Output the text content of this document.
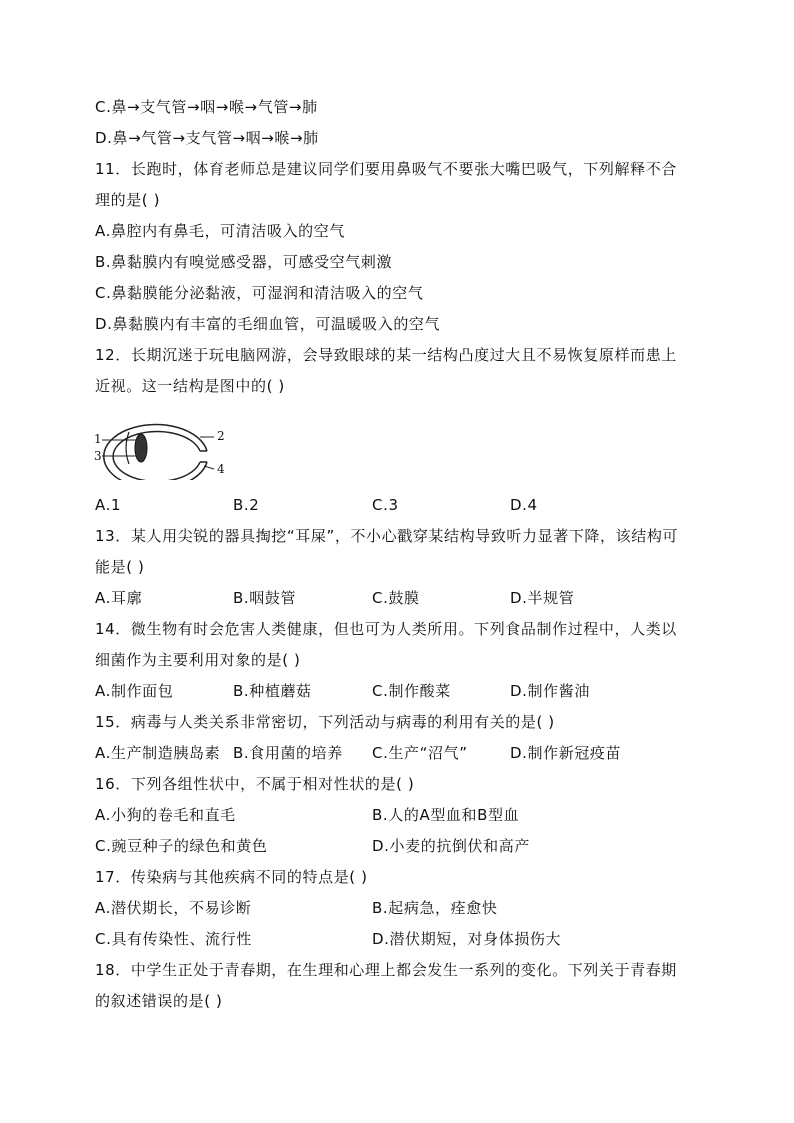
C.鼻→支气管→咽→喉→气管→肺
D.鼻→气管→支气管→咽→喉→肺
11．长跑时，体育老师总是建议同学们要用鼻吸气不要张大嘴巴吸气，下列解释不合
理的是( )
A.鼻腔内有鼻毛，可清洁吸入的空气
B.鼻黏膜内有嗅觉感受器，可感受空气刺激
C.鼻黏膜能分泌黏液，可湿润和清洁吸入的空气
D.鼻黏膜内有丰富的毛细血管，可温暖吸入的空气
12．长期沉迷于玩电脑网游，会导致眼球的某一结构凸度过大且不易恢复原样而患上
近视。这一结构是图中的( )
1	2
3
4
A.1	B.2	C.3	D.4
13．某人用尖锐的器具掏挖“耳屎”，不小心戳穿某结构导致听力显著下降，该结构可
能是( )
A.耳廓	B.咽鼓管	C.鼓膜	D.半规管
14．微生物有时会危害人类健康，但也可为人类所用。下列食品制作过程中，人类以
细菌作为主要利用对象的是( )
A.制作面包	B.种植蘑菇	C.制作酸菜	D.制作酱油
15．病毒与人类关系非常密切，下列活动与病毒的利用有关的是( )
A.生产制造胰岛素 B.食用菌的培养 C.生产“沼气”	D.制作新冠疫苗
16．下列各组性状中，不属于相对性状的是( )
A.小狗的卷毛和直毛	B.人的A型血和B型血
C.豌豆种子的绿色和黄色	D.小麦的抗倒伏和高产
17．传染病与其他疾病不同的特点是( )
A.潜伏期长，不易诊断	B.起病急，痊愈快
C.具有传染性、流行性	D.潜伏期短，对身体损伤大
18．中学生正处于青春期，在生理和心理上都会发生一系列的变化。下列关于青春期
的叙述错误的是( )
